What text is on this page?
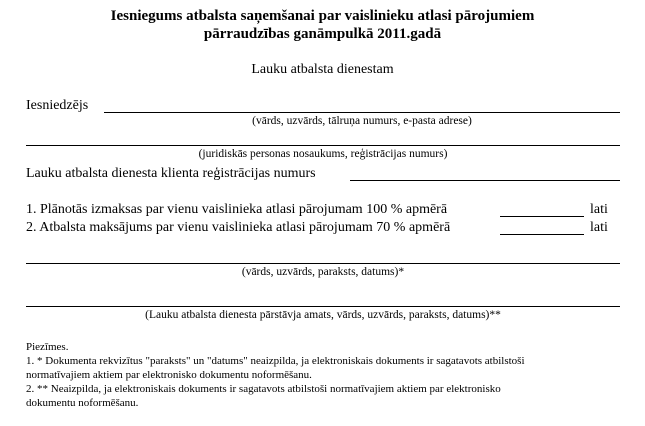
Iesniegums atbalsta saņemšanai par vaislinieku atlasi pārojumiem
pārraudzības ganāmpulkā 2011.gadā
Lauku atbalsta dienestam
Iesniedzējs
(vārds, uzvārds, tālruņa numurs, e-pasta adrese)
(juridiskās personas nosaukums, reģistrācijas numurs)
Lauku atbalsta dienesta klienta reģistrācijas numurs
1. Plānotās izmaksas par vienu vaislinieka atlasi pārojumam 100 % apmērā	lati
2. Atbalsta maksājums par vienu vaislinieka atlasi pārojumam 70 % apmērā	lati
(vārds, uzvārds, paraksts, datums)*
(Lauku atbalsta dienesta pārstāvja amats, vārds, uzvārds, paraksts, datums)**
Piezīmes.
1. * Dokumenta rekvizītus "paraksts" un "datums" neaizpilda, ja elektroniskais dokuments ir sagatavots atbilstoši
normatīvajiem aktiem par elektronisko dokumentu noformēšanu.
2. ** Neaizpilda, ja elektroniskais dokuments ir sagatavots atbilstoši normatīvajiem aktiem par elektronisko
dokumentu noformēšanu.
